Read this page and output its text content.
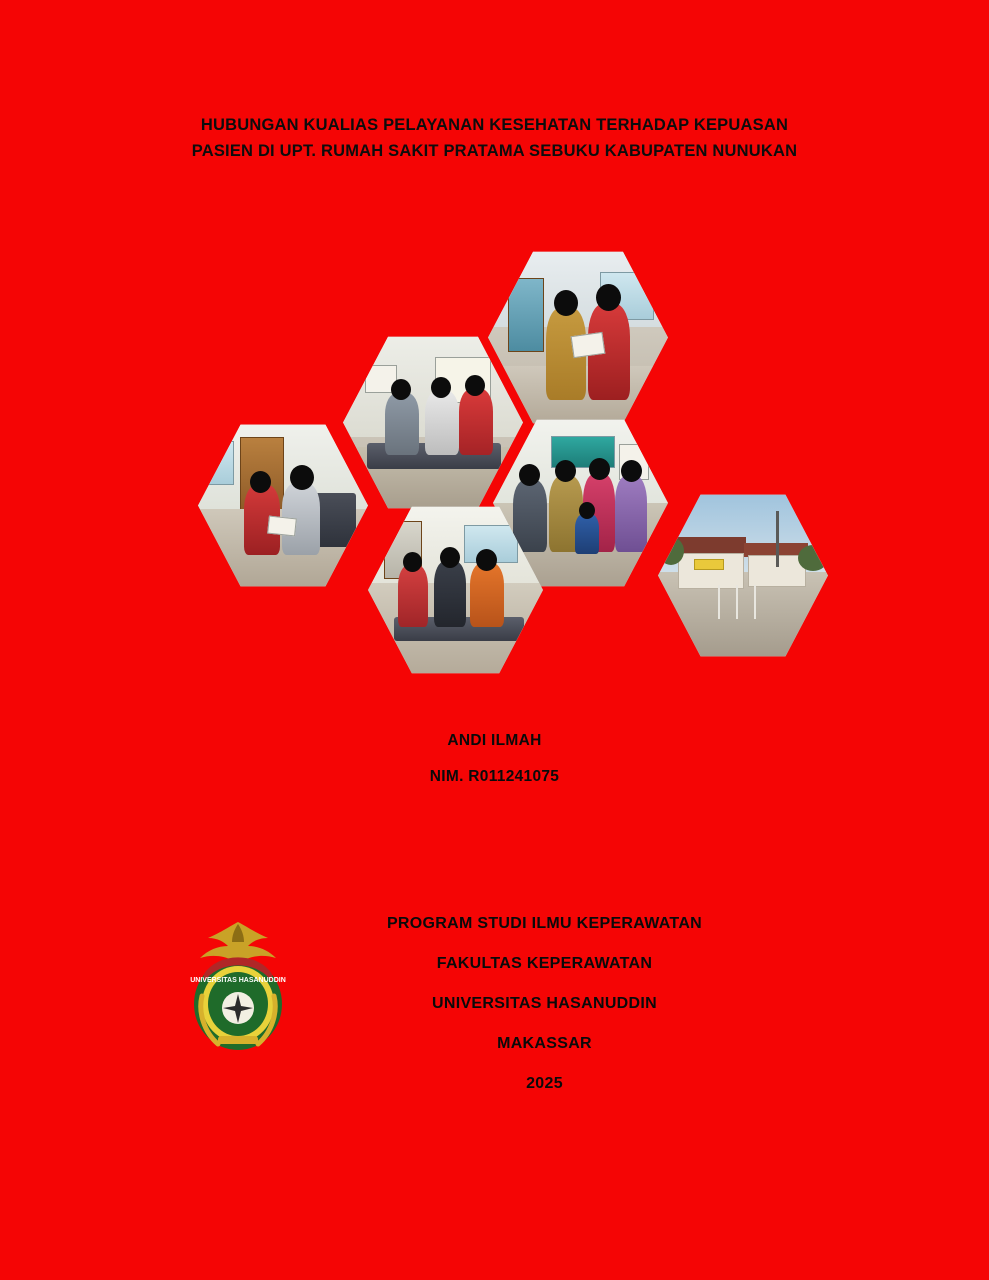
HUBUNGAN KUALIAS PELAYANAN KESEHATAN TERHADAP KEPUASAN
PASIEN DI UPT. RUMAH SAKIT PRATAMA SEBUKU KABUPATEN NUNUKAN
ANDI ILMAH
NIM. R011241075
UNIVERSITAS HASANUDDIN
PROGRAM STUDI ILMU KEPERAWATAN
FAKULTAS KEPERAWATAN
UNIVERSITAS HASANUDDIN
MAKASSAR
2025
